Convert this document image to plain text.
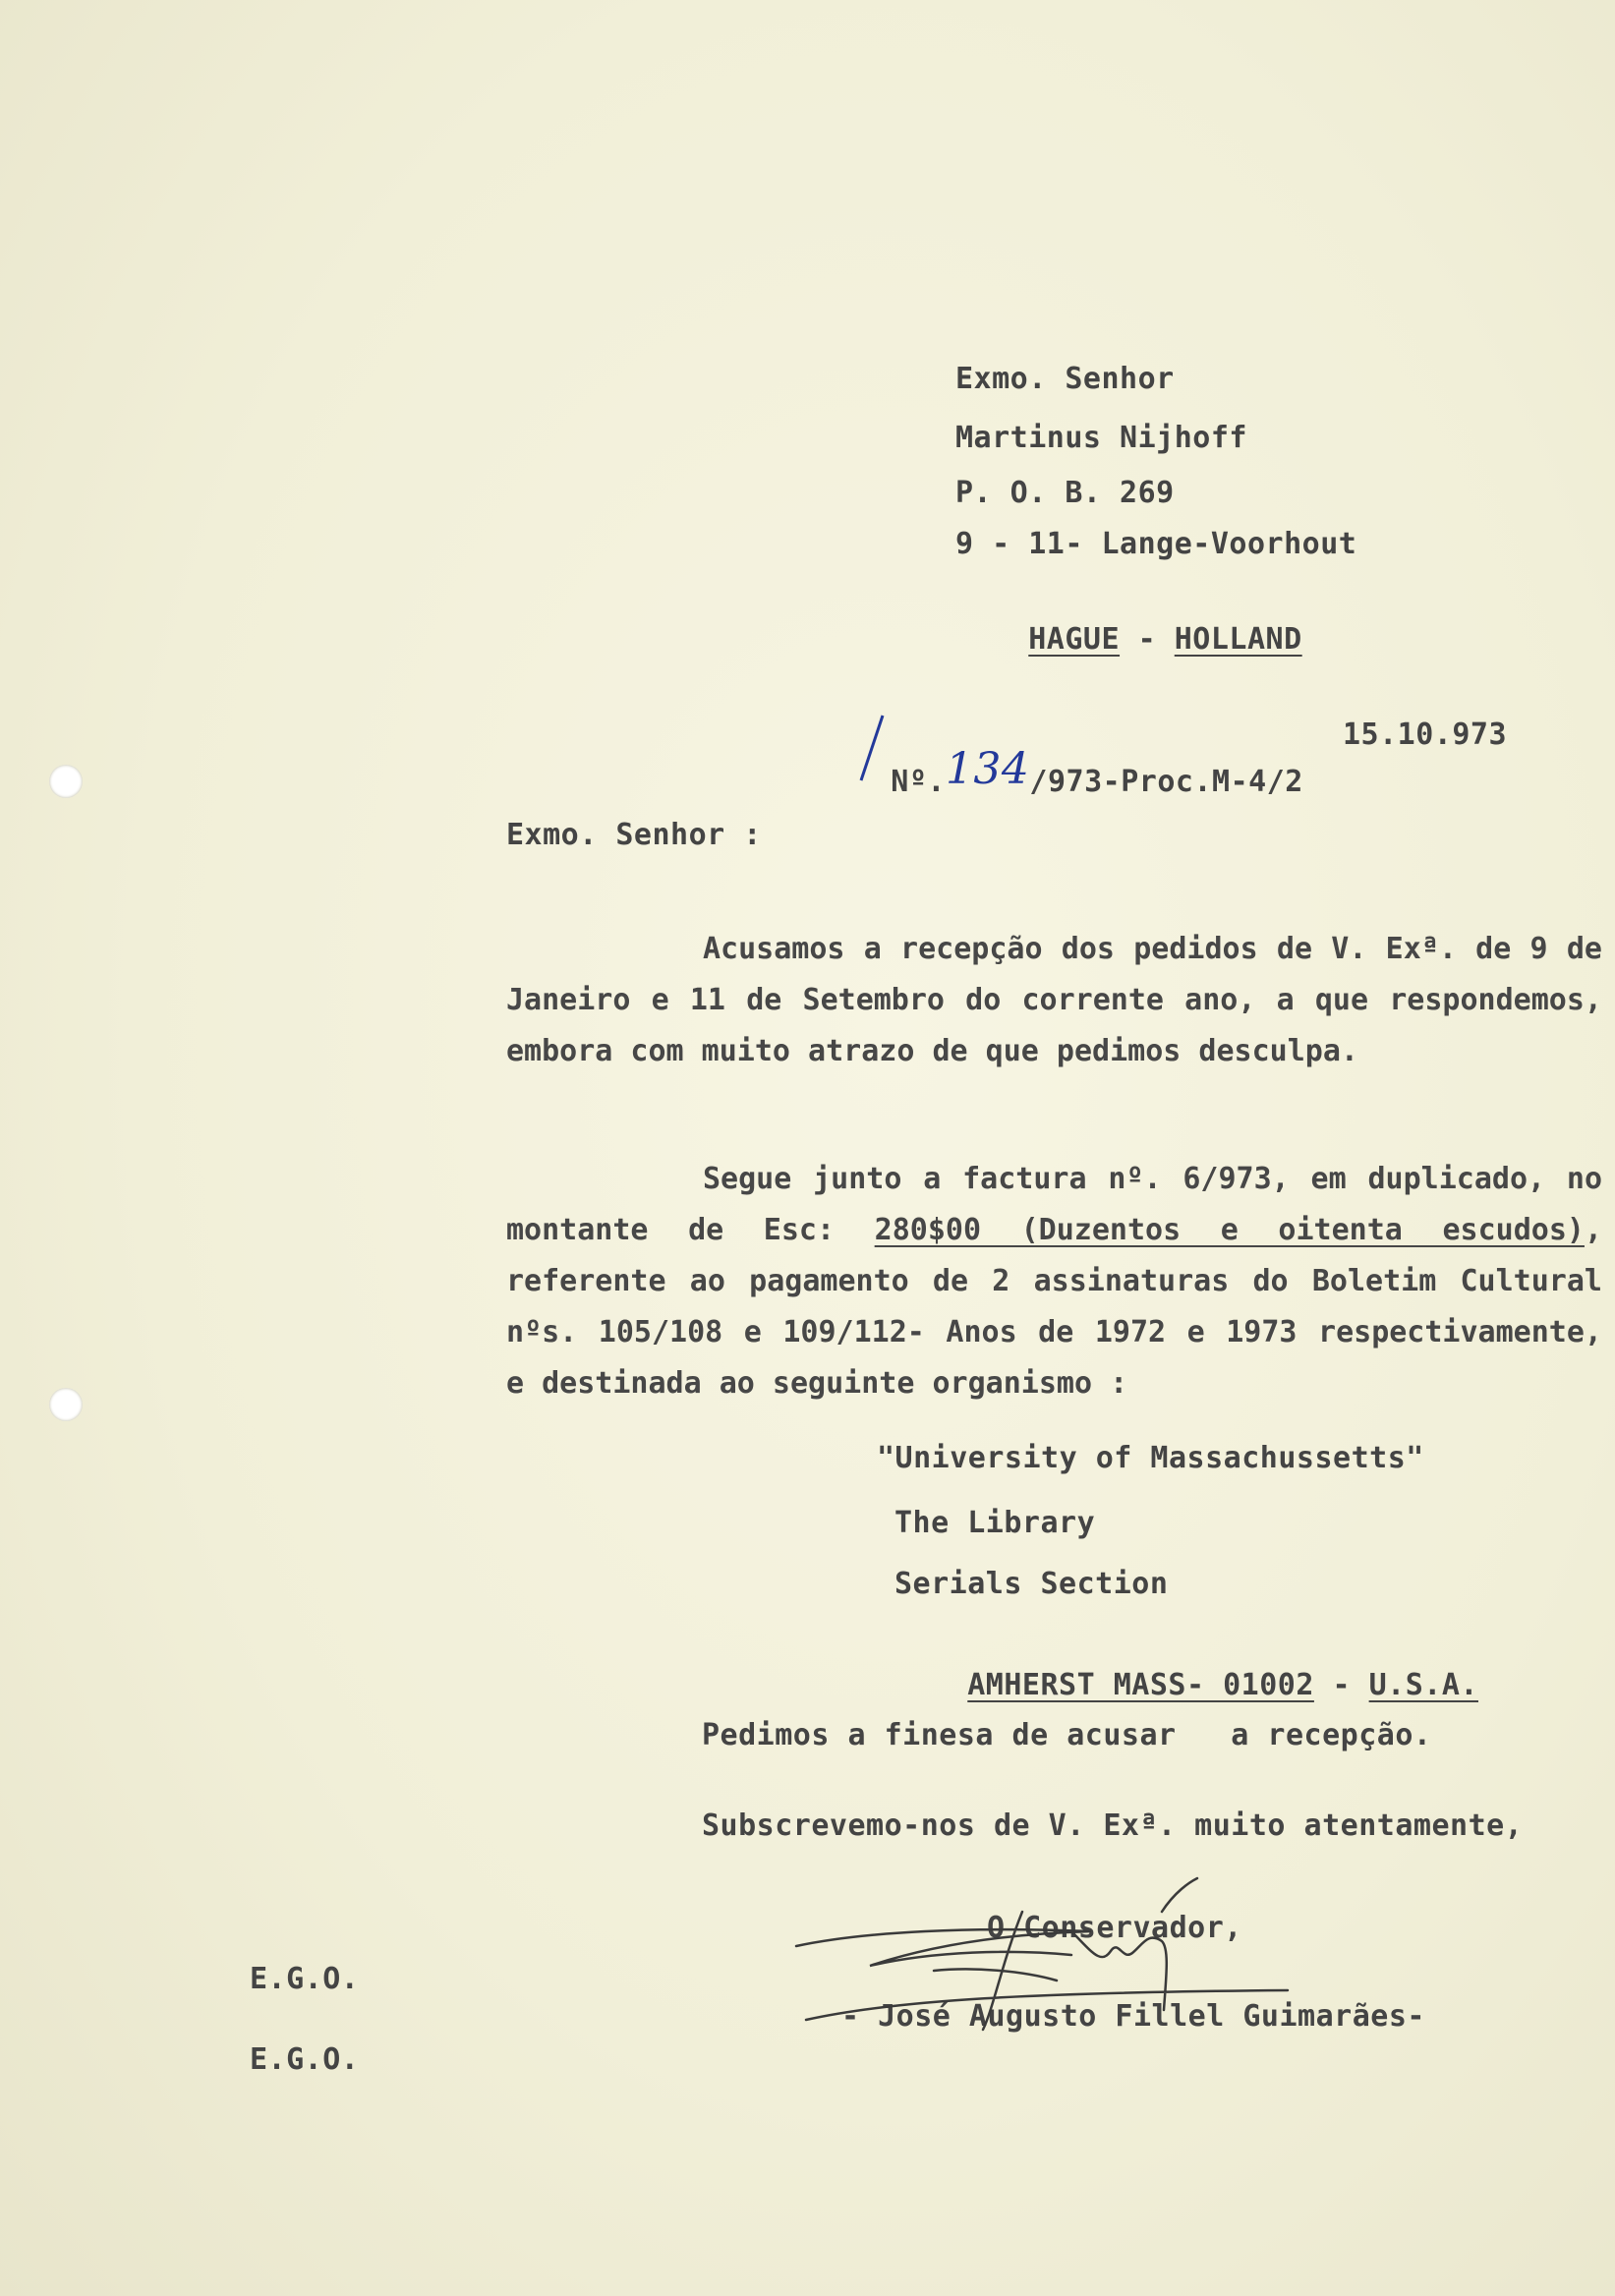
Exmo. Senhor
Martinus Nijhoff
P. O. B. 269
9 - 11- Lange-Voorhout

HAGUE - HOLLAND

Nº.134/973-Proc.M-4/2

15.10.973
Exmo. Senhor :

Acusamos a recepção dos pedidos de V. Exª. de 9 de Janeiro e 11 de Setembro do corrente ano, a que respondemos, embora com muito atrazo de que pedimos desculpa.

Segue junto a factura nº. 6/973, em duplicado, no montante de Esc: 280$00 (Duzentos e oitenta escudos), referente ao pagamento de 2 assinaturas do Boletim Cultural nºs. 105/108 e 109/112- Anos de 1972 e 1973 respectivamente, e destinada ao seguinte organismo :

"University of Massachussetts"
The Library
Serials Section

AMHERST MASS- 01002 - U.S.A.

Pedimos a finesa de acusar   a recepção.
Subscrevemo-nos de V. Exª. muito atentamente,
O Conservador,
- José Augusto Fillel Guimarães-
E.G.O.
E.G.O.
